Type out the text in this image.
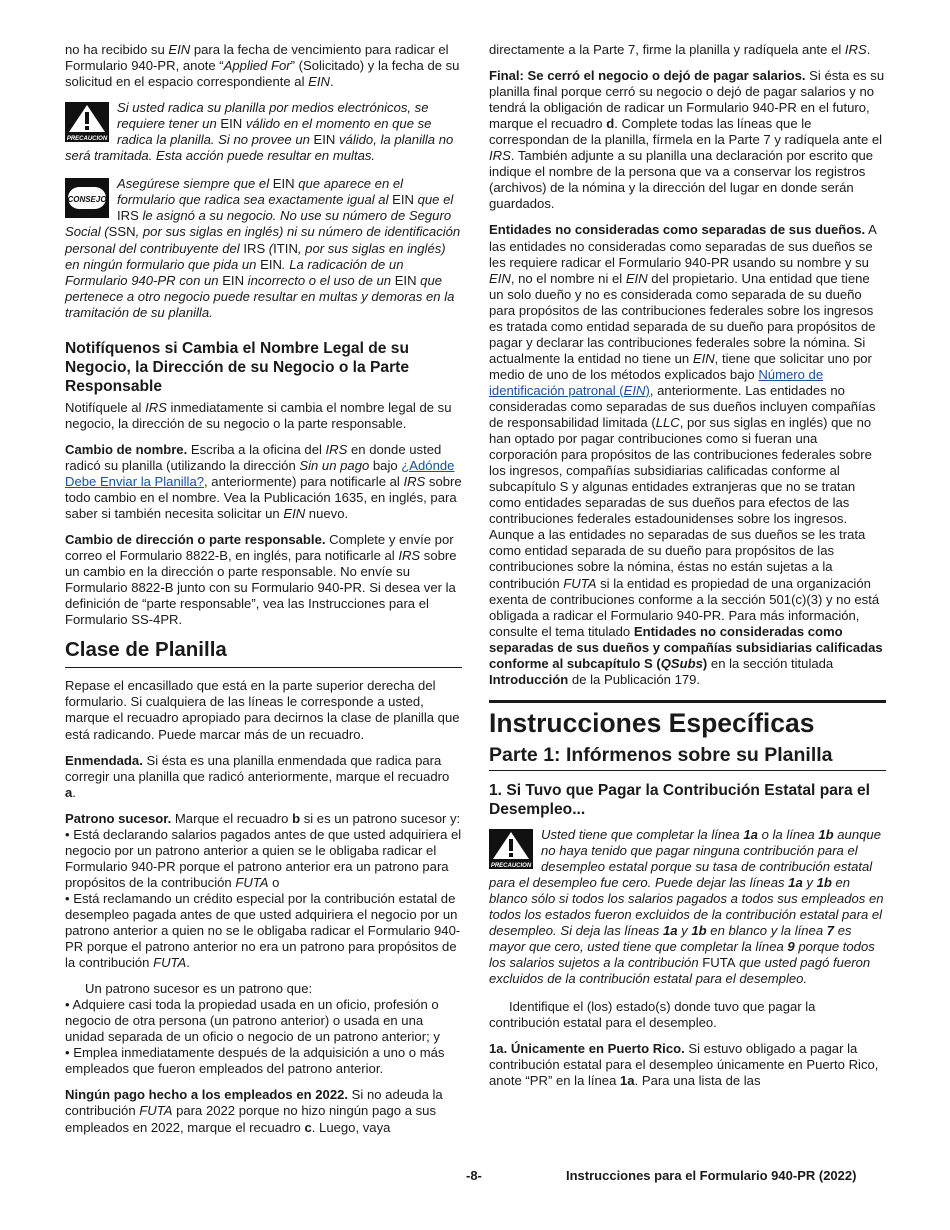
no ha recibido su EIN para la fecha de vencimiento para radicar el Formulario 940-PR, anote “Applied For” (Solicitado) y la fecha de su solicitud en el espacio correspondiente al EIN.

PRECAUCION
Si usted radica su planilla por medios electrónicos, se requiere tener un EIN válido en el momento en que se radica la planilla. Si no provee un EIN válido, la planilla no será tramitada. Esta acción puede resultar en multas.
CONSEJO
Asegúrese siempre que el EIN que aparece en el formulario que radica sea exactamente igual al EIN que el IRS le asignó a su negocio. No use su número de Seguro Social (SSN, por sus siglas en inglés) ni su número de identificación personal del contribuyente del IRS (ITIN, por sus siglas en inglés) en ningún formulario que pida un EIN. La radicación de un Formulario 940-PR con un EIN incorrecto o el uso de un EIN que pertenece a otro negocio puede resultar en multas y demoras en la tramitación de su planilla.
Notifíquenos si Cambia el Nombre Legal de su Negocio, la Dirección de su Negocio o la Parte Responsable

Notifíquele al IRS inmediatamente si cambia el nombre legal de su negocio, la dirección de su negocio o la parte responsable.

Cambio de nombre. Escriba a la oficina del IRS en donde usted radicó su planilla (utilizando la dirección Sin un pago bajo ¿Adónde Debe Enviar la Planilla?, anteriormente) para notificarle al IRS sobre todo cambio en el nombre. Vea la Publicación 1635, en inglés, para saber si también necesita solicitar un EIN nuevo.

Cambio de dirección o parte responsable. Complete y envíe por correo el Formulario 8822-B, en inglés, para notificarle al IRS sobre un cambio en la dirección o parte responsable. No envíe su Formulario 8822-B junto con su Formulario 940-PR. Si desea ver la definición de “parte responsable”, vea las Instrucciones para el Formulario SS-4PR.

Clase de Planilla

Repase el encasillado que está en la parte superior derecha del formulario. Si cualquiera de las líneas le corresponde a usted, marque el recuadro apropiado para decirnos la clase de planilla que está radicando. Puede marcar más de un recuadro.

Enmendada. Si ésta es una planilla enmendada que radica para corregir una planilla que radicó anteriormente, marque el recuadro a.

Patrono sucesor. Marque el recuadro b si es un patrono sucesor y:

• Está declarando salarios pagados antes de que usted adquiriera el negocio por un patrono anterior a quien se le obligaba radicar el Formulario 940-PR porque el patrono anterior era un patrono para propósitos de la contribución FUTA o

• Está reclamando un crédito especial por la contribución estatal de desempleo pagada antes de que usted adquiriera el negocio por un patrono anterior a quien no se le obligaba radicar el Formulario 940-PR porque el patrono anterior no era un patrono para propósitos de la contribución FUTA.

Un patrono sucesor es un patrono que:

• Adquiere casi toda la propiedad usada en un oficio, profesión o negocio de otra persona (un patrono anterior) o usada en una unidad separada de un oficio o negocio de un patrono anterior; y

• Emplea inmediatamente después de la adquisición a uno o más empleados que fueron empleados del patrono anterior.

Ningún pago hecho a los empleados en 2022. Si no adeuda la contribución FUTA para 2022 porque no hizo ningún pago a sus empleados en 2022, marque el recuadro c. Luego, vaya

directamente a la Parte 7, firme la planilla y radíquela ante el IRS.

Final: Se cerró el negocio o dejó de pagar salarios. Si ésta es su planilla final porque cerró su negocio o dejó de pagar salarios y no tendrá la obligación de radicar un Formulario 940-PR en el futuro, marque el recuadro d. Complete todas las líneas que le correspondan de la planilla, fírmela en la Parte 7 y radíquela ante el IRS. También adjunte a su planilla una declaración por escrito que indique el nombre de la persona que va a conservar los registros (archivos) de la nómina y la dirección del lugar en donde serán guardados.

Entidades no consideradas como separadas de sus dueños. A las entidades no consideradas como separadas de sus dueños se les requiere radicar el Formulario 940-PR usando su nombre y su EIN, no el nombre ni el EIN del propietario. Una entidad que tiene un solo dueño y no es considerada como separada de su dueño para propósitos de las contribuciones federales sobre los ingresos es tratada como entidad separada de su dueño para propósitos de pagar y declarar las contribuciones federales sobre la nómina. Si actualmente la entidad no tiene un EIN, tiene que solicitar uno por medio de uno de los métodos explicados bajo Número de identificación patronal (EIN), anteriormente. Las entidades no consideradas como separadas de sus dueños incluyen compañías de responsabilidad limitada (LLC, por sus siglas en inglés) que no han optado por pagar contribuciones como si fueran una corporación para propósitos de las contribuciones federales sobre los ingresos, compañías subsidiarias calificadas conforme al subcapítulo S y algunas entidades extranjeras que no se tratan como entidades separadas de sus dueños para efectos de las contribuciones federales estadounidenses sobre los ingresos. Aunque a las entidades no separadas de sus dueños se les trata como entidad separada de su dueño para propósitos de las contribuciones sobre la nómina, éstas no están sujetas a la contribución FUTA si la entidad es propiedad de una organización exenta de contribuciones conforme a la sección 501(c)(3) y no está obligada a radicar el Formulario 940-PR. Para más información, consulte el tema titulado Entidades no consideradas como separadas de sus dueños y compañías subsidiarias calificadas conforme al subcapítulo S (QSubs) en la sección titulada Introducción de la Publicación 179.

Instrucciones Específicas
Parte 1: Infórmenos sobre su Planilla
1. Si Tuvo que Pagar la Contribución Estatal para el Desempleo...
PRECAUCION
Usted tiene que completar la línea 1a o la línea 1b aunque no haya tenido que pagar ninguna contribución para el desempleo estatal porque su tasa de contribución estatal para el desempleo fue cero. Puede dejar las líneas 1a y 1b en blanco sólo si todos los salarios pagados a todos sus empleados en todos los estados fueron excluidos de la contribución estatal para el desempleo. Si deja las líneas 1a y 1b en blanco y la línea 7 es mayor que cero, usted tiene que completar la línea 9 porque todos los salarios sujetos a la contribución FUTA que usted pagó fueron excluidos de la contribución estatal para el desempleo.

Identifique el (los) estado(s) donde tuvo que pagar la contribución estatal para el desempleo.

1a. Únicamente en Puerto Rico. Si estuvo obligado a pagar la contribución estatal para el desempleo únicamente en Puerto Rico, anote “PR” en la línea 1a. Para una lista de las

-8-	Instrucciones para el Formulario 940-PR (2022)
